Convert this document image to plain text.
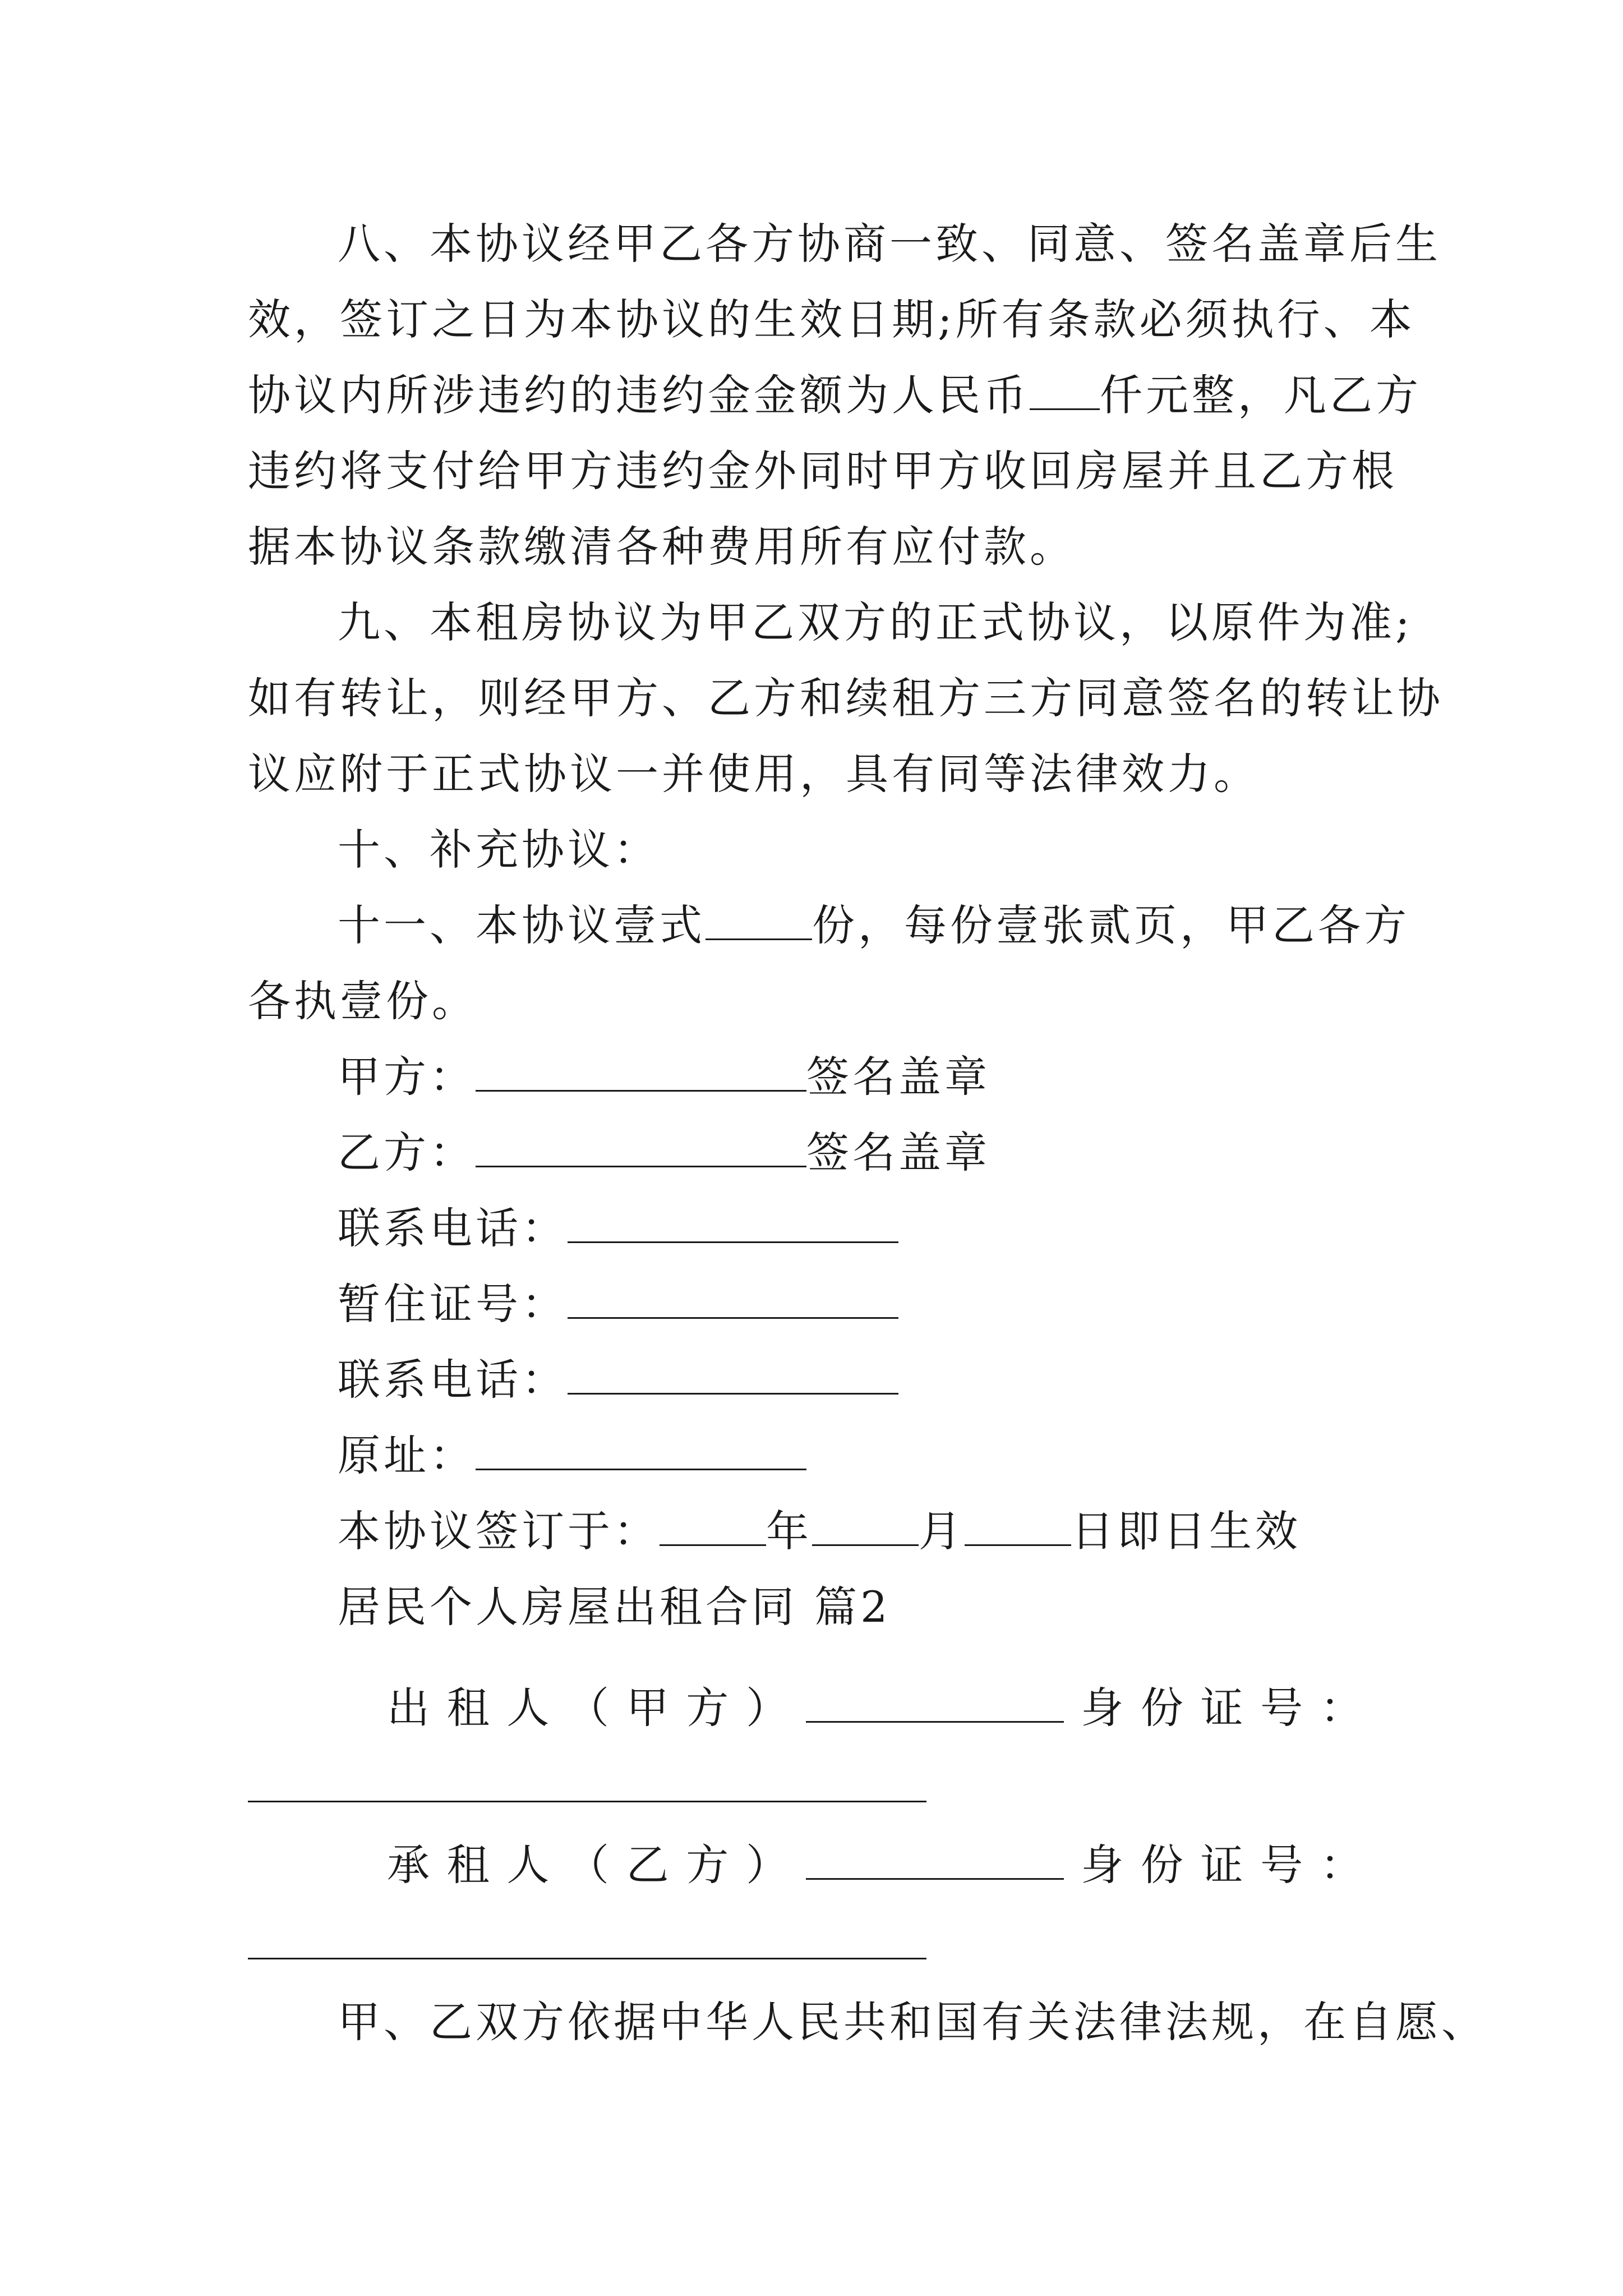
八、本协议经甲乙各方协商一致、同意、签名盖章后生
效，签订之日为本协议的生效日期;所有条款必须执行、本
协议内所涉违约的违约金金额为人民币 仟元整，凡乙方
违约将支付给甲方违约金外同时甲方收回房屋并且乙方根
据本协议条款缴清各种费用所有应付款。
九、本租房协议为甲乙双方的正式协议，以原件为准;
如有转让，则经甲方、乙方和续租方三方同意签名的转让协
议应附于正式协议一并使用，具有同等法律效力。
十、补充协议：
十一、本协议壹式	份，每份壹张贰页，甲乙各方
各执壹份。
甲方：	签名盖章
乙方：	签名盖章
联系电话：
暂住证号：
联系电话：
原址：
本协议签订于：	年	月	日即日生效
居民个人房屋出租合同 篇2
出 租 人 （ 甲 方 ）	身 份 证 号 ：
承 租 人 （ 乙 方 ）	身 份 证 号 ：
甲、乙双方依据中华人民共和国有关法律法规，在自愿、
